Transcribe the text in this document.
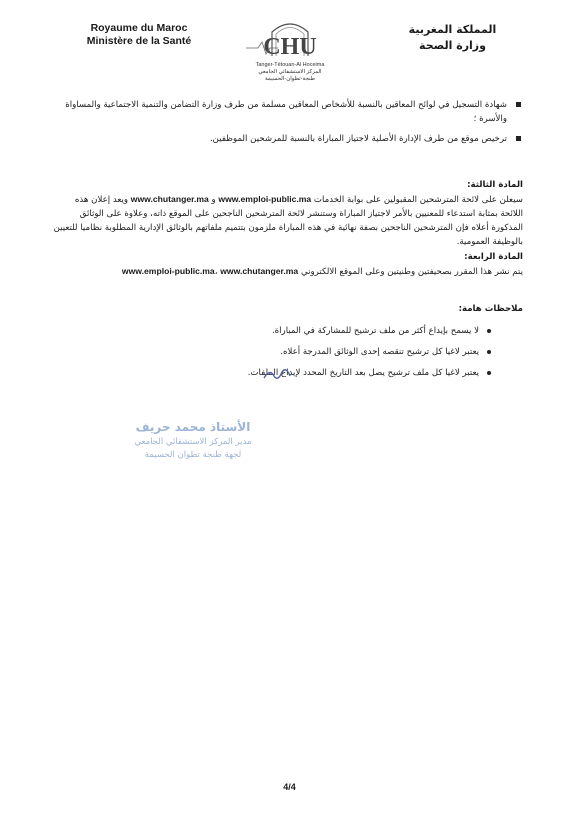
Royaume du Maroc
Ministère de la Santé	CHU
Tanger-Tétouan-Al Hoceima
المركز الاستشفائي الجامعي
طنجة-تطوان-الحسيمة
المملكة المغربية
وزارة الصحة
شهادة التسجيل في لوائح المعاقين بالنسبة للأشخاص المعاقين مسلمة من طرف وزارة التضامن والتنمية الاجتماعية والمساواة والأسرة ؛
ترخيص موقع من طرف الإدارة الأصلية لاجتياز المباراة بالنسبة للمرشحين الموظفين.
المادة الثالثة:
سيعلن على لائحة المترشحين المقبولين على بوابة الخدمات www.emploi-public.ma و www.chutanger.ma ويعد إعلان هذه اللائحة بمثابة استدعاء للمعنيين بالأمر لاجتياز المباراة وستنشر لائحة المترشحين الناجحين على الموقع ذاته، وعلاوة على الوثائق المذكورة أعلاه فإن المترشحين الناجحين بصفة نهائية في هذه المباراة ملزمون بتتميم ملفاتهم بالوثائق الإدارية المطلوبة نظاميا للتعيين بالوظيفة العمومية.
المادة الرابعة:
يتم نشر هذا المقرر بصحيفتين وطنيتين وعلى الموقع الالكتروني www.emploi-public.ma، www.chutanger.ma
ملاحظات هامة:
لا يسمح بإيداع أكثر من ملف ترشيح للمشاركة في المباراة.
يعتبر لاغيا كل ترشيح تنقصه إحدى الوثائق المدرجة أعلاه.
يعتبر لاغيا كل ملف ترشيح يصل بعد التاريخ المحدد لإيداع الملفات.
الأستاذ محمد حريف
مدير المركز الاستشفائي الجامعي
لجهة طنجة تطوان الحسيمة
4/4
